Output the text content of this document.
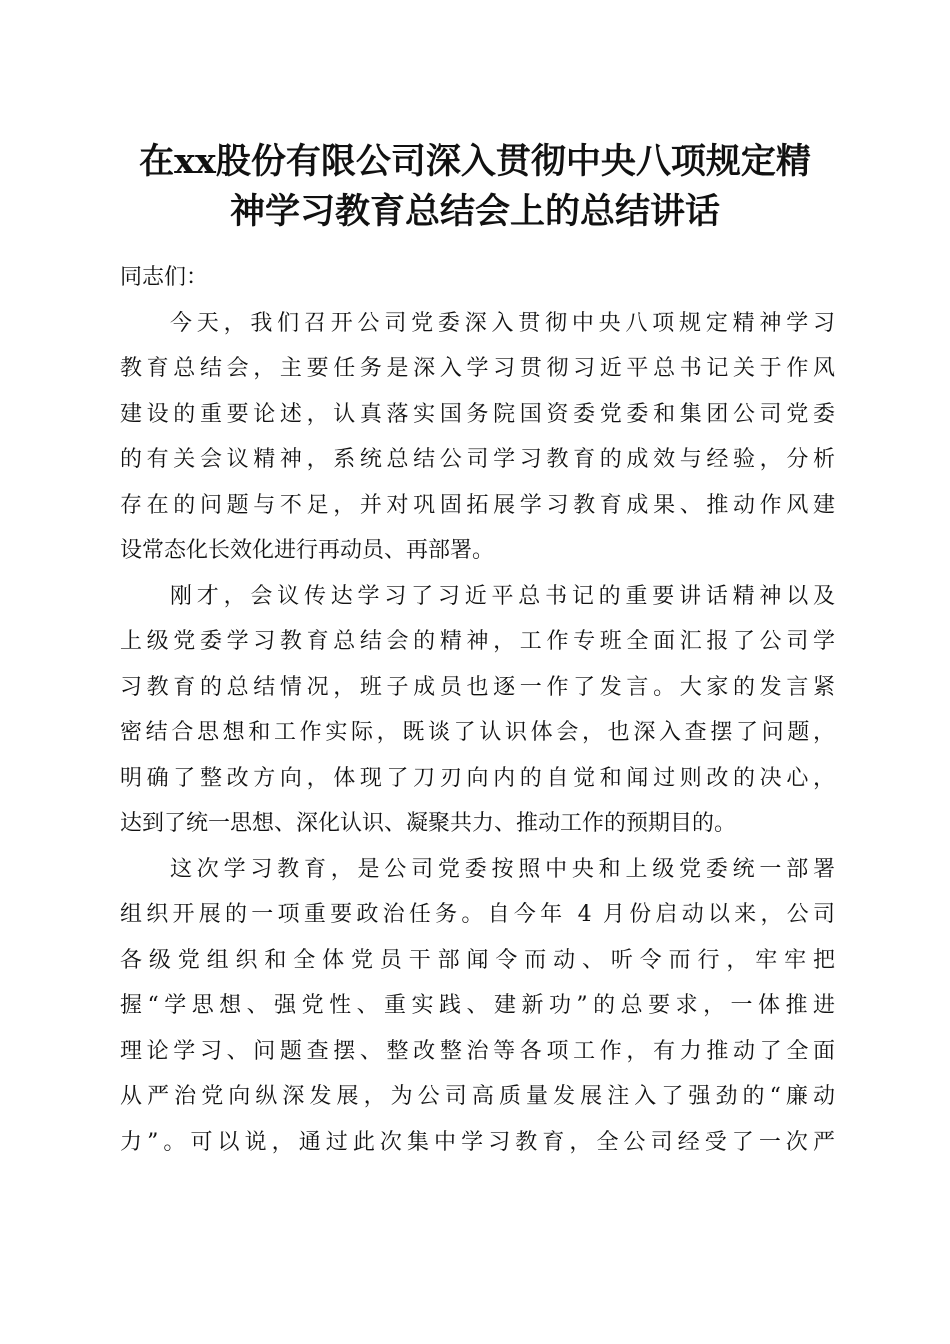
在xx股份有限公司深入贯彻中央八项规定精
神学习教育总结会上的总结讲话
同志们：
今天，我们召开公司党委深入贯彻中央八项规定精神学习
教育总结会，主要任务是深入学习贯彻习近平总书记关于作风
建设的重要论述，认真落实国务院国资委党委和集团公司党委
的有关会议精神，系统总结公司学习教育的成效与经验，分析
存在的问题与不足，并对巩固拓展学习教育成果、推动作风建
设常态化长效化进行再动员、再部署。
刚才，会议传达学习了习近平总书记的重要讲话精神以及
上级党委学习教育总结会的精神，工作专班全面汇报了公司学
习教育的总结情况，班子成员也逐一作了发言。大家的发言紧
密结合思想和工作实际，既谈了认识体会，也深入查摆了问题，
明确了整改方向，体现了刀刃向内的自觉和闻过则改的决心，
达到了统一思想、深化认识、凝聚共力、推动工作的预期目的。
这次学习教育，是公司党委按照中央和上级党委统一部署
组织开展的一项重要政治任务。自今年 4 月份启动以来，公司
各级党组织和全体党员干部闻令而动、听令而行，牢牢把
握“学思想、强党性、重实践、建新功”的总要求，一体推进
理论学习、问题查摆、整改整治等各项工作，有力推动了全面
从严治党向纵深发展，为公司高质量发展注入了强劲的“廉动
力”。可以说，通过此次集中学习教育，全公司经受了一次严
